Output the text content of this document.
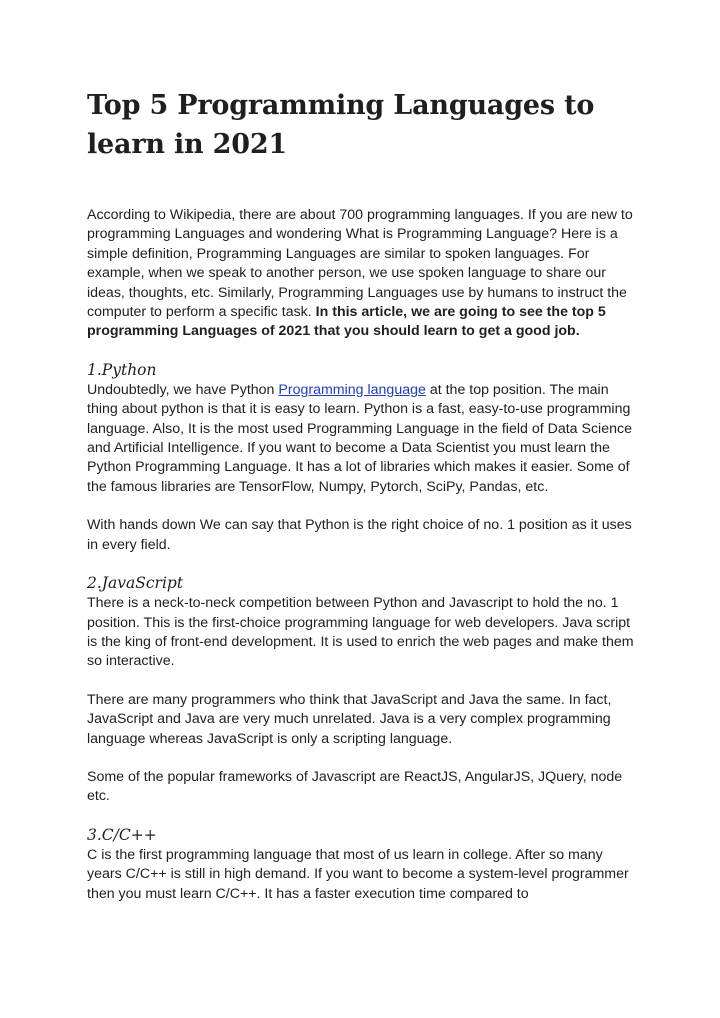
Top 5 Programming Languages to learn in 2021

According to Wikipedia, there are about 700 programming languages. If you are new to programming Languages and wondering What is Programming Language? Here is a simple definition, Programming Languages are similar to spoken languages. For example, when we speak to another person, we use spoken language to share our ideas, thoughts, etc. Similarly, Programming Languages use by humans to instruct the computer to perform a specific task. In this article, we are going to see the top 5 programming Languages of 2021 that you should learn to get a good job.

1.Python

Undoubtedly, we have Python Programming language at the top position. The main thing about python is that it is easy to learn. Python is a fast, easy-to-use programming language. Also, It is the most used Programming Language in the field of Data Science and Artificial Intelligence. If you want to become a Data Scientist you must learn the Python Programming Language. It has a lot of libraries which makes it easier. Some of the famous libraries are TensorFlow, Numpy, Pytorch, SciPy, Pandas, etc.

With hands down We can say that Python is the right choice of no. 1 position as it uses in every field.

2.JavaScript

There is a neck-to-neck competition between Python and Javascript to hold the no. 1 position. This is the first-choice programming language for web developers. Java script is the king of front-end development. It is used to enrich the web pages and make them so interactive.

There are many programmers who think that JavaScript and Java the same. In fact, JavaScript and Java are very much unrelated. Java is a very complex programming language whereas JavaScript is only a scripting language.

Some of the popular frameworks of Javascript are ReactJS, AngularJS, JQuery, node etc.

3.C/C++

C is the first programming language that most of us learn in college. After so many years C/C++ is still in high demand. If you want to become a system-level programmer then you must learn C/C++. It has a faster execution time compared to
